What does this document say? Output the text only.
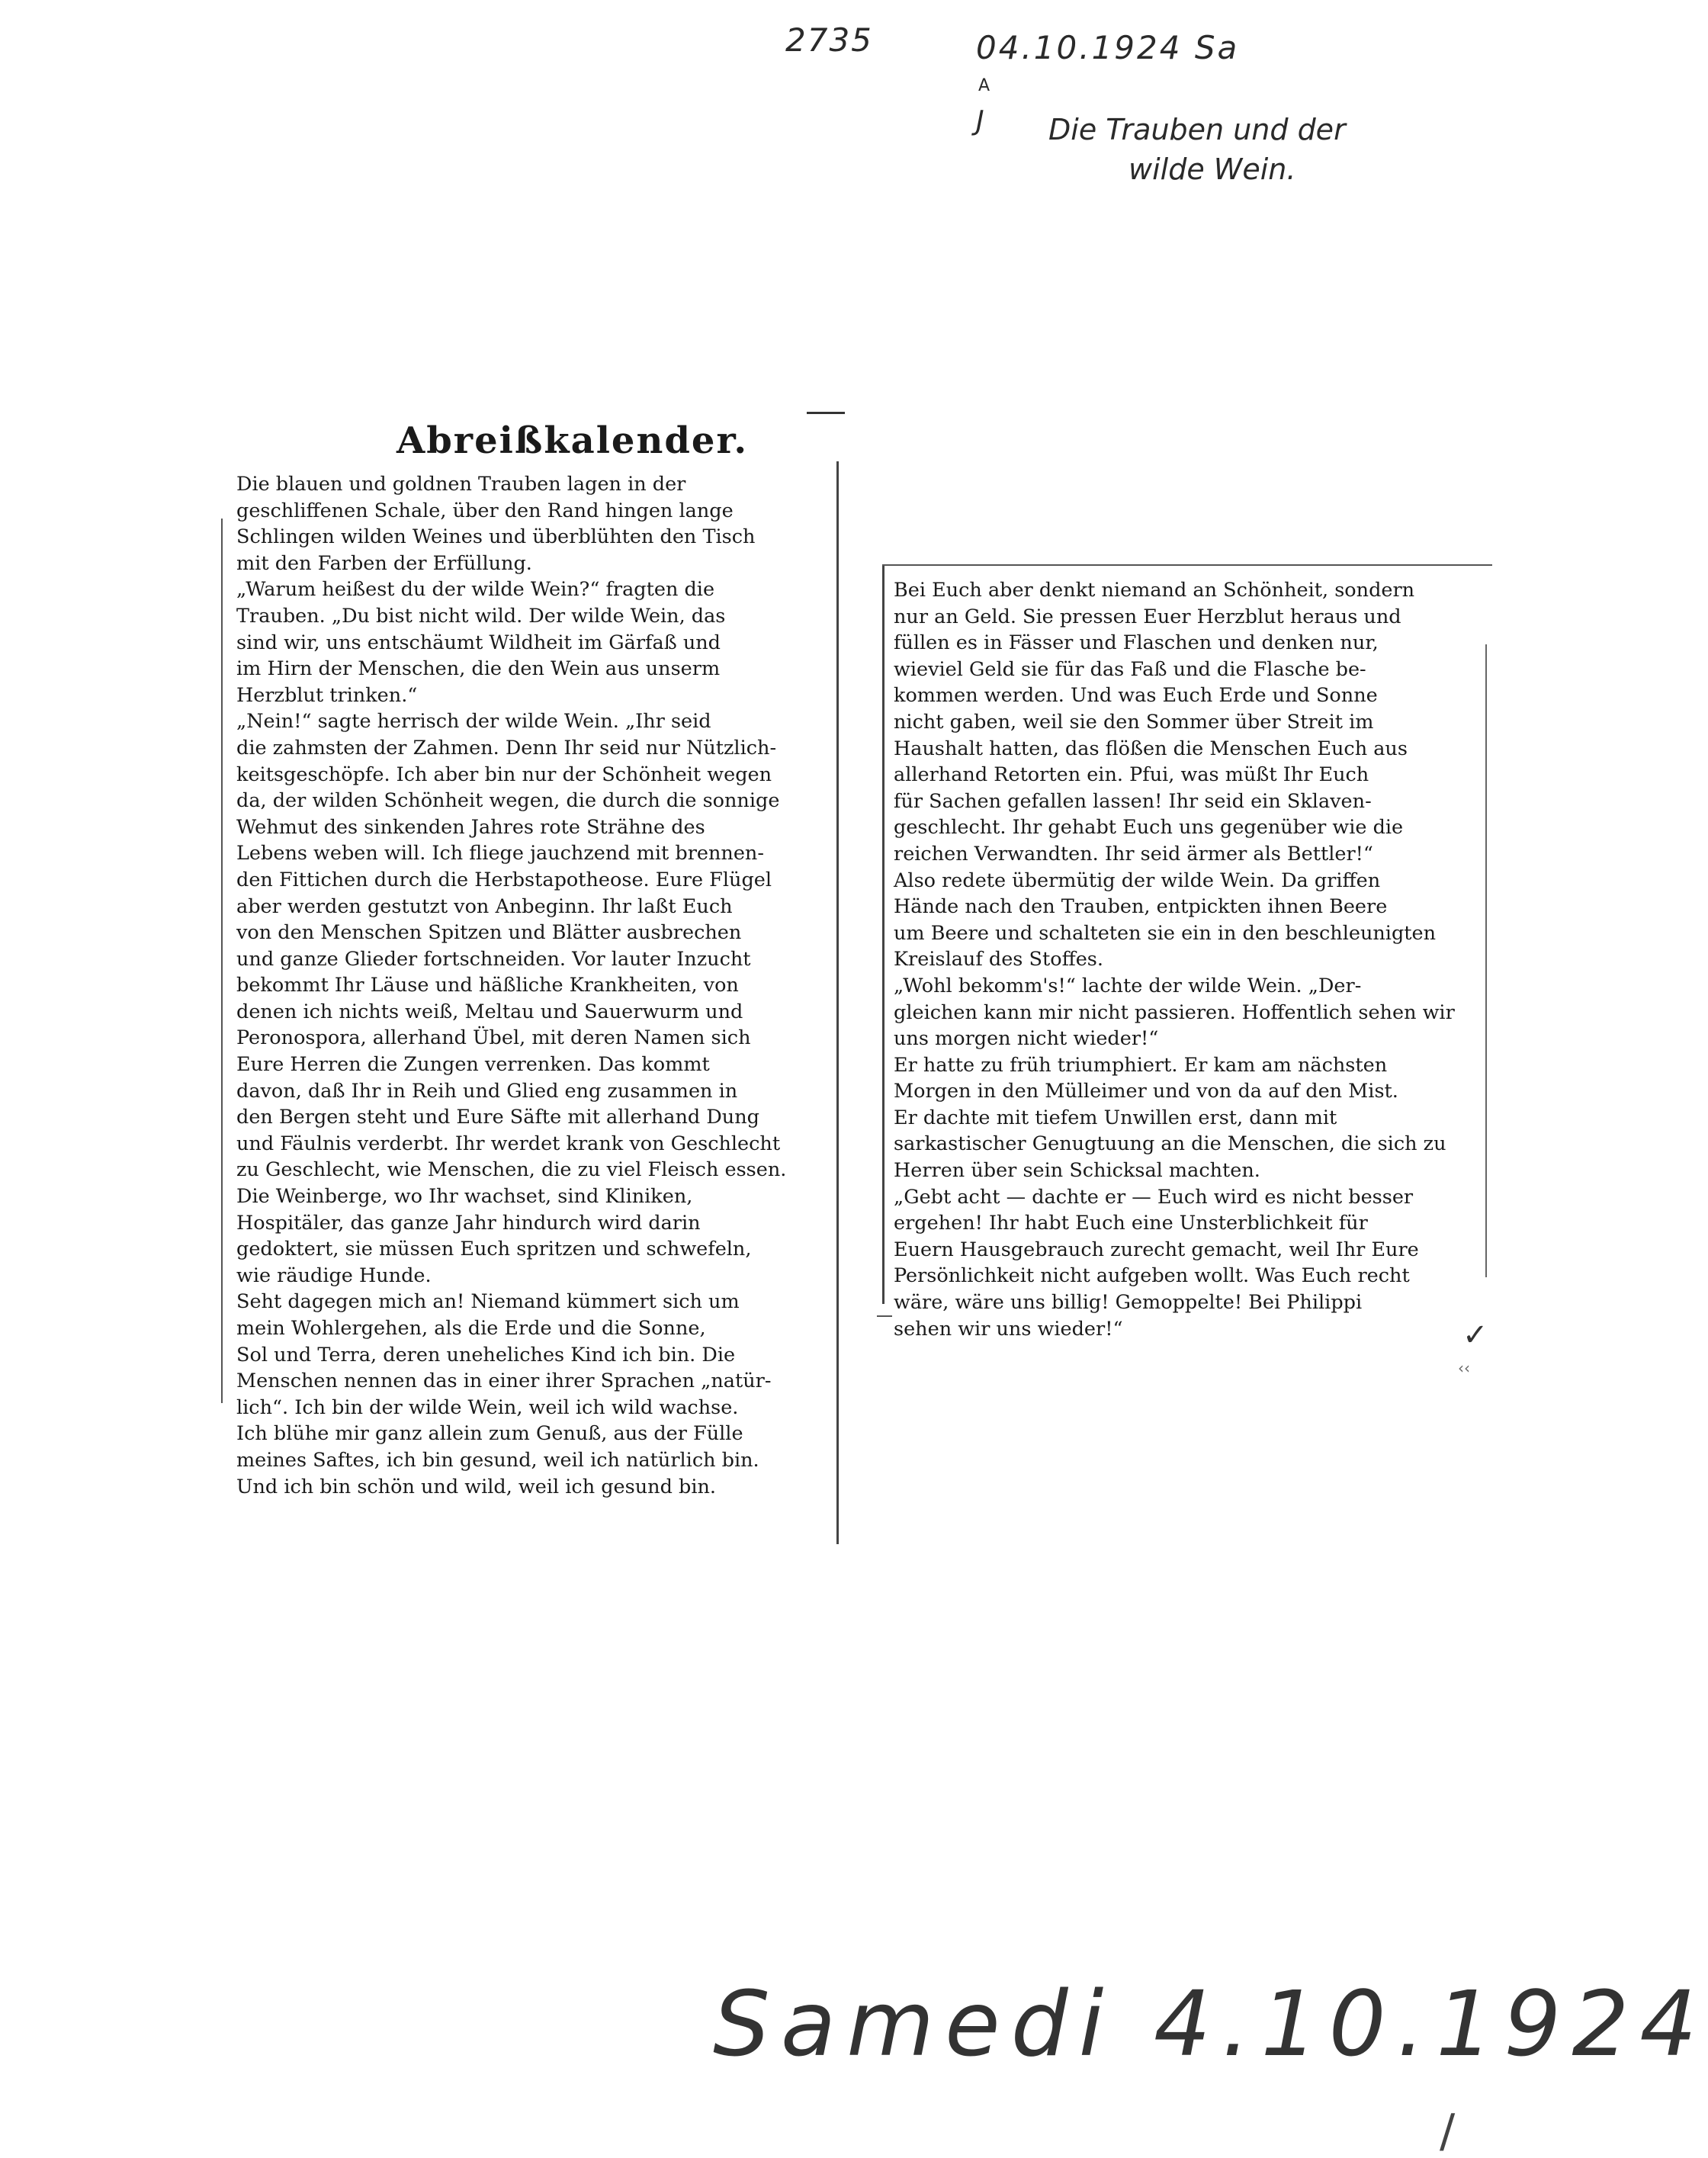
2735	04.10.1924 Sa
A
J Die Trauben und der
wilde Wein.
Abreißkalender.
Die blauen und goldnen Trauben lagen in der
geschliffenen Schale, über den Rand hingen lange
Schlingen wilden Weines und überblühten den Tisch
mit den Farben der Erfüllung.
„Warum heißest du der wilde Wein?“ fragten die
Trauben. „Du bist nicht wild. Der wilde Wein, das
sind wir, uns entschäumt Wildheit im Gärfaß und
im Hirn der Menschen, die den Wein aus unserm
Herzblut trinken.“
„Nein!“ sagte herrisch der wilde Wein. „Ihr seid
die zahmsten der Zahmen. Denn Ihr seid nur Nützlich-
keitsgeschöpfe. Ich aber bin nur der Schönheit wegen
da, der wilden Schönheit wegen, die durch die sonnige
Wehmut des sinkenden Jahres rote Strähne des
Lebens weben will. Ich fliege jauchzend mit brennen-
den Fittichen durch die Herbstapotheose. Eure Flügel
aber werden gestutzt von Anbeginn. Ihr laßt Euch
von den Menschen Spitzen und Blätter ausbrechen
und ganze Glieder fortschneiden. Vor lauter Inzucht
bekommt Ihr Läuse und häßliche Krankheiten, von
denen ich nichts weiß, Meltau und Sauerwurm und
Peronospora, allerhand Übel, mit deren Namen sich
Eure Herren die Zungen verrenken. Das kommt
davon, daß Ihr in Reih und Glied eng zusammen in
den Bergen steht und Eure Säfte mit allerhand Dung
und Fäulnis verderbt. Ihr werdet krank von Geschlecht
zu Geschlecht, wie Menschen, die zu viel Fleisch essen.
Die Weinberge, wo Ihr wachset, sind Kliniken,
Hospitäler, das ganze Jahr hindurch wird darin
gedoktert, sie müssen Euch spritzen und schwefeln,
wie räudige Hunde.
Seht dagegen mich an! Niemand kümmert sich um
mein Wohlergehen, als die Erde und die Sonne,
Sol und Terra, deren uneheliches Kind ich bin. Die
Menschen nennen das in einer ihrer Sprachen „natür-
lich“. Ich bin der wilde Wein, weil ich wild wachse.
Ich blühe mir ganz allein zum Genuß, aus der Fülle
meines Saftes, ich bin gesund, weil ich natürlich bin.
Und ich bin schön und wild, weil ich gesund bin.
Bei Euch aber denkt niemand an Schönheit, sondern
nur an Geld. Sie pressen Euer Herzblut heraus und
füllen es in Fässer und Flaschen und denken nur,
wieviel Geld sie für das Faß und die Flasche be-
kommen werden. Und was Euch Erde und Sonne
nicht gaben, weil sie den Sommer über Streit im
Haushalt hatten, das flößen die Menschen Euch aus
allerhand Retorten ein. Pfui, was müßt Ihr Euch
für Sachen gefallen lassen! Ihr seid ein Sklaven-
geschlecht. Ihr gehabt Euch uns gegenüber wie die
reichen Verwandten. Ihr seid ärmer als Bettler!“
Also redete übermütig der wilde Wein. Da griffen
Hände nach den Trauben, entpickten ihnen Beere
um Beere und schalteten sie ein in den beschleunigten
Kreislauf des Stoffes.
„Wohl bekomm's!“ lachte der wilde Wein. „Der-
gleichen kann mir nicht passieren. Hoffentlich sehen wir
uns morgen nicht wieder!“
Er hatte zu früh triumphiert. Er kam am nächsten
Morgen in den Mülleimer und von da auf den Mist.
Er dachte mit tiefem Unwillen erst, dann mit
sarkastischer Genugtuung an die Menschen, die sich zu
Herren über sein Schicksal machten.
„Gebt acht — dachte er — Euch wird es nicht besser
ergehen! Ihr habt Euch eine Unsterblichkeit für
Euern Hausgebrauch zurecht gemacht, weil Ihr Eure
Persönlichkeit nicht aufgeben wollt. Was Euch recht
wäre, wäre uns billig! Gemoppelte! Bei Philippi
sehen wir uns wieder!“	✓
‹‹
Samedi 4.10.1924
/
